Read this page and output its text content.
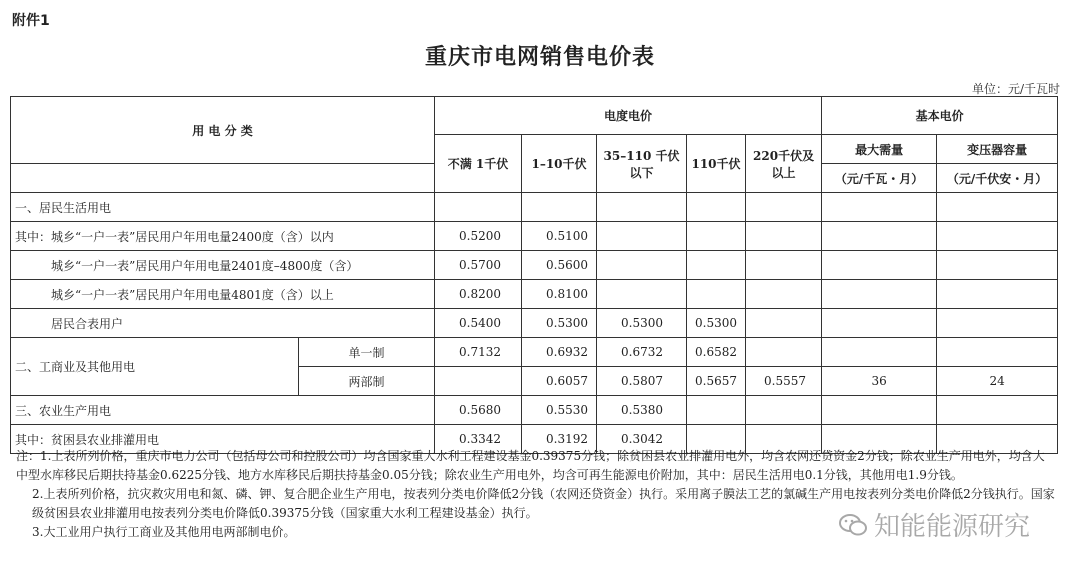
附件1
重庆市电网销售电价表
单位：元/千瓦时
用 电 分 类		电度电价					基本电价	
		不满 1千伏	1–10千伏	35–110 千伏以下	110千伏	220千伏及以上	最大需量	变压器容量
							（元/千瓦・月）	（元/千伏安・月）
一、居民生活用电								
其中：城乡“一户一表”居民用户年用电量2400度（含）以内		0.5200	0.5100					
城乡“一户一表”居民用户年用电量2401度–4800度（含）		0.5700	0.5600					
城乡“一户一表”居民用户年用电量4801度（含）以上		0.8200	0.8100					
居民合表用户		0.5400	0.5300	0.5300	0.5300			
二、工商业及其他用电	单一制	0.7132	0.6932	0.6732	0.6582			
	两部制		0.6057	0.5807	0.5657	0.5557	36	24
三、农业生产用电		0.5680	0.5530	0.5380				
其中：贫困县农业排灌用电		0.3342	0.3192	0.3042				

注：1.上表所列价格，重庆市电力公司（包括母公司和控股公司）均含国家重大水利工程建设基金0.39375分钱；除贫困县农业排灌用电外，均含农网还贷资金2分钱；除农业生产用电外，均含大中型水库移民后期扶持基金0.6225分钱、地方水库移民后期扶持基金0.05分钱；除农业生产用电外，均含可再生能源电价附加，其中：居民生活用电0.1分钱，其他用电1.9分钱。

2.上表所列价格，抗灾救灾用电和氮、磷、钾、复合肥企业生产用电，按表列分类电价降低2分钱（农网还贷资金）执行。采用离子膜法工艺的氯碱生产用电按表列分类电价降低2分钱执行。国家级贫困县农业排灌用电按表列分类电价降低0.39375分钱（国家重大水利工程建设基金）执行。

3.大工业用户执行工商业及其他用电两部制电价。	知能能源研究
